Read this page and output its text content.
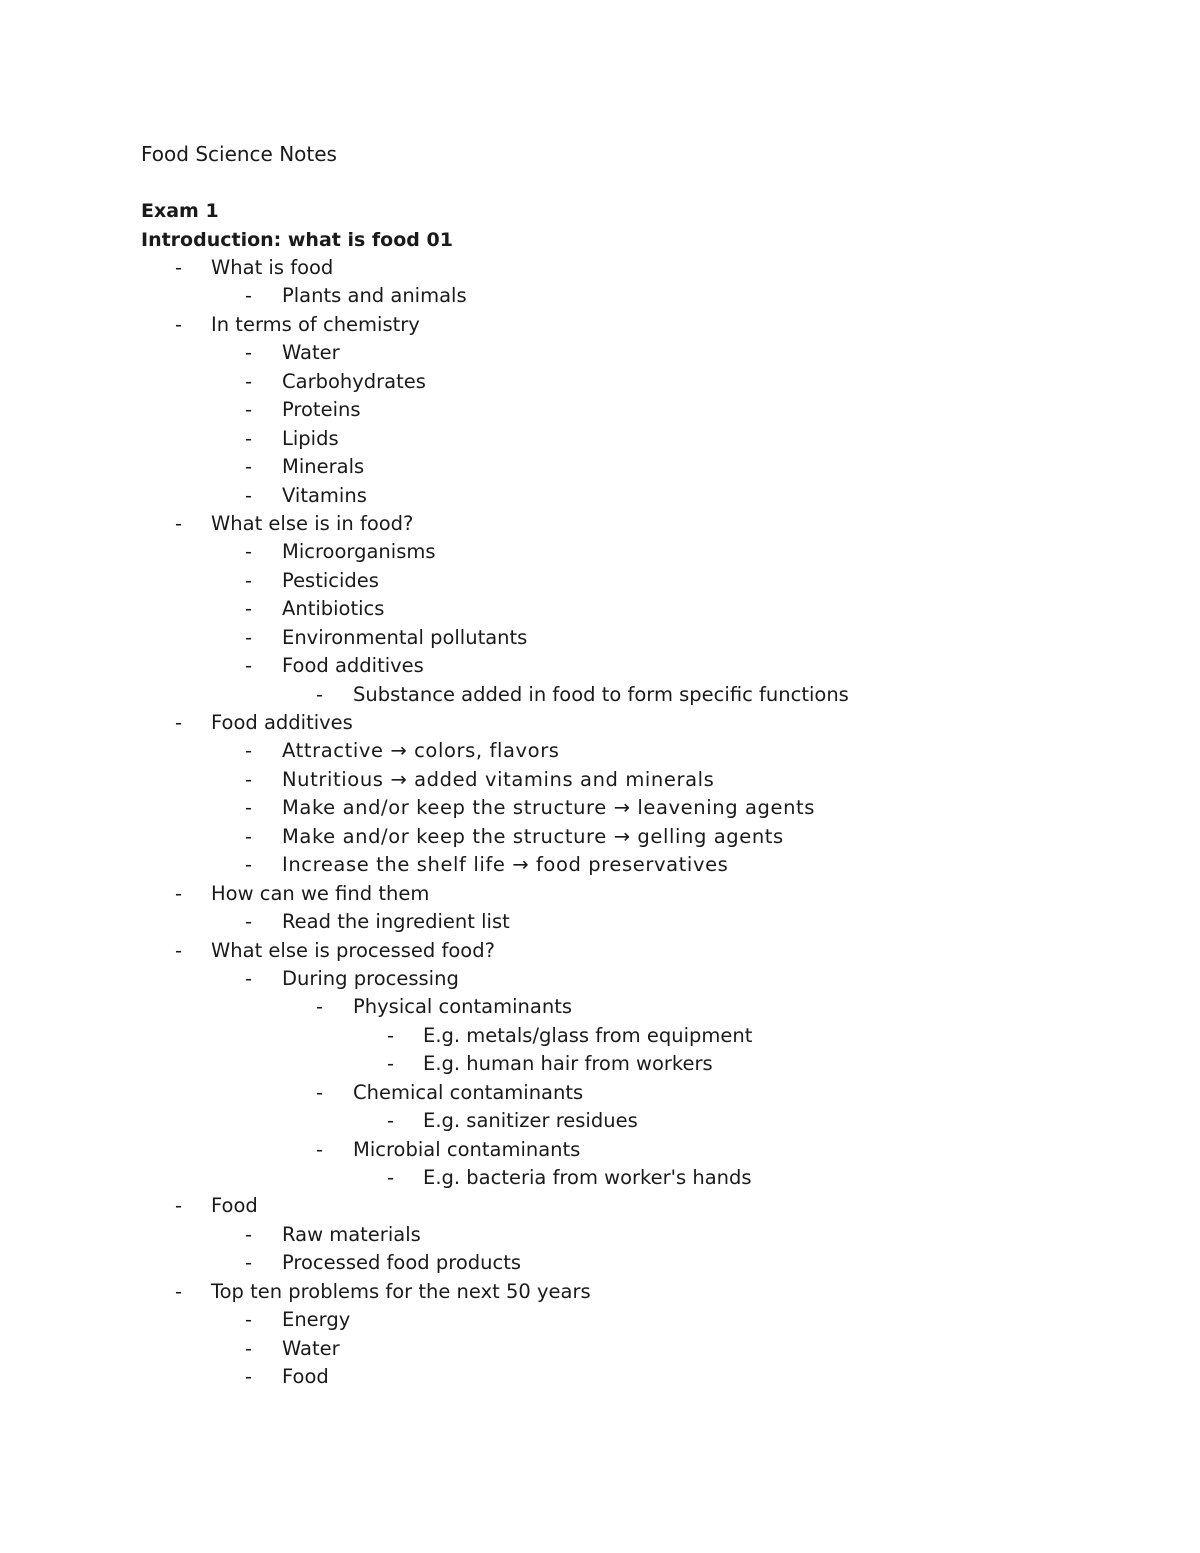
Food Science Notes
Exam 1
Introduction: what is food 01
- What is food
- Plants and animals
- In terms of chemistry
- Water
- Carbohydrates
- Proteins
- Lipids
- Minerals
- Vitamins
- What else is in food?
- Microorganisms
- Pesticides
- Antibiotics
- Environmental pollutants
- Food additives
- Substance added in food to form specific functions
- Food additives
- Attractive → colors, flavors
- Nutritious → added vitamins and minerals
- Make and/or keep the structure → leavening agents
- Make and/or keep the structure → gelling agents
- Increase the shelf life → food preservatives
- How can we find them
- Read the ingredient list
- What else is processed food?
- During processing
- Physical contaminants
- E.g. metals/glass from equipment
- E.g. human hair from workers
- Chemical contaminants
- E.g. sanitizer residues
- Microbial contaminants
- E.g. bacteria from worker's hands
- Food
- Raw materials
- Processed food products
- Top ten problems for the next 50 years
- Energy
- Water
- Food
